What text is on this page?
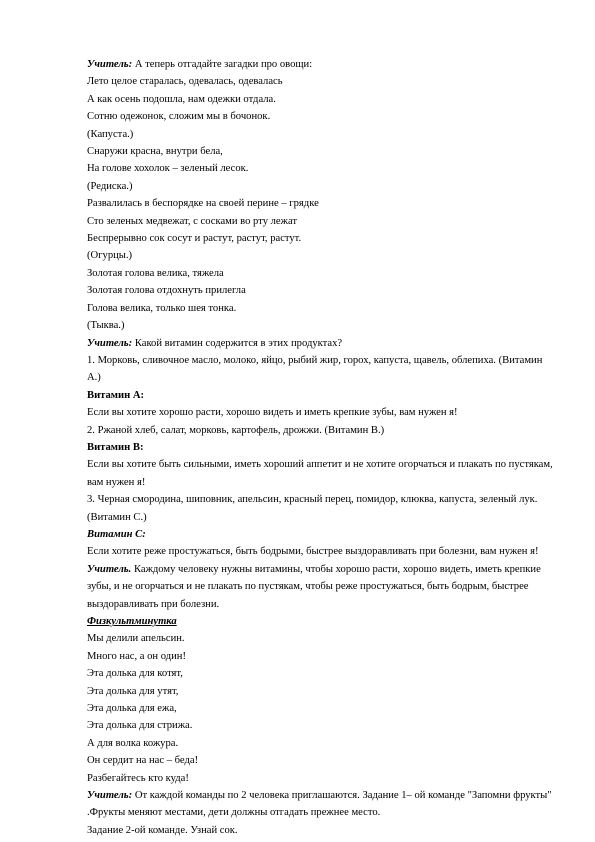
Учитель: А теперь отгадайте загадки про овощи:
Лето целое старалась, одевалась, одевалась
А как осень подошла, нам одежки отдала.
Сотню одежонок, сложим мы в бочонок.
(Капуста.)
Снаружи красна, внутри бела,
На голове хохолок – зеленый лесок.
(Редиска.)
Развалилась в беспорядке на своей перине – грядке
Сто зеленых медвежат, с сосками во рту лежат
Беспрерывно сок сосут и растут, растут, растут.
(Огурцы.)
Золотая голова велика, тяжела
Золотая голова отдохнуть прилегла
Голова велика, только шея тонка.
(Тыква.)
Учитель: Какой витамин содержится в этих продуктах?
1. Морковь, сливочное масло, молоко, яйцо, рыбий жир, горох, капуста, щавель, облепиха. (Витамин А.)
Витамин А:
Если вы хотите хорошо расти, хорошо видеть и иметь крепкие зубы, вам нужен я!
2. Ржаной хлеб, салат, морковь, картофель, дрожжи. (Витамин В.)
Витамин В:
Если вы хотите быть сильными, иметь хороший аппетит и не хотите огорчаться и плакать по пустякам, вам нужен я!
3. Черная смородина, шиповник, апельсин, красный перец, помидор, клюква, капуста, зеленый лук. (Витамин С.)
Витамин С:
Если хотите реже простужаться, быть бодрыми, быстрее выздоравливать при болезни, вам нужен я!
Учитель. Каждому человеку нужны витамины, чтобы хорошо расти, хорошо видеть, иметь крепкие зубы, и не огорчаться и не плакать по пустякам, чтобы реже простужаться, быть бодрым, быстрее выздоравливать при болезни.
Физкультминутка
Мы делили апельсин.
Много нас, а он один!
Эта долька для котят,
Эта долька для утят,
Эта долька для ежа,
Эта долька для стрижа.
А для волка кожура.
Он сердит на нас – беда!
Разбегайтесь кто куда!
Учитель: От каждой команды по 2 человека приглашаются. Задание 1– ой команде "Запомни фрукты" .Фрукты меняют местами, дети должны отгадать прежнее место.
Задание 2-ой команде. Узнай сок.
